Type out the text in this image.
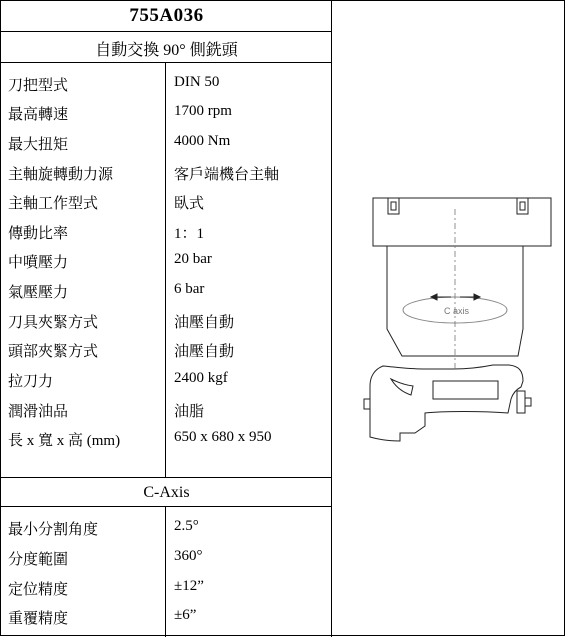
755A036
自動交換 90° 側銑頭
刀把型式	DIN 50
最高轉速	1700 rpm
最大扭矩	4000 Nm
主軸旋轉動力源	客戶端機台主軸
主軸工作型式	臥式
傳動比率	1：1
中噴壓力	20 bar
氣壓壓力	6 bar
刀具夾緊方式	油壓自動
頭部夾緊方式	油壓自動
拉刀力	2400 kgf
潤滑油品	油脂
長 x 寬 x 高 (mm)	650 x 680 x 950
C-Axis
最小分割角度	2.5°
分度範圍	360°
定位精度	±12”
重覆精度	±6”
C axis
